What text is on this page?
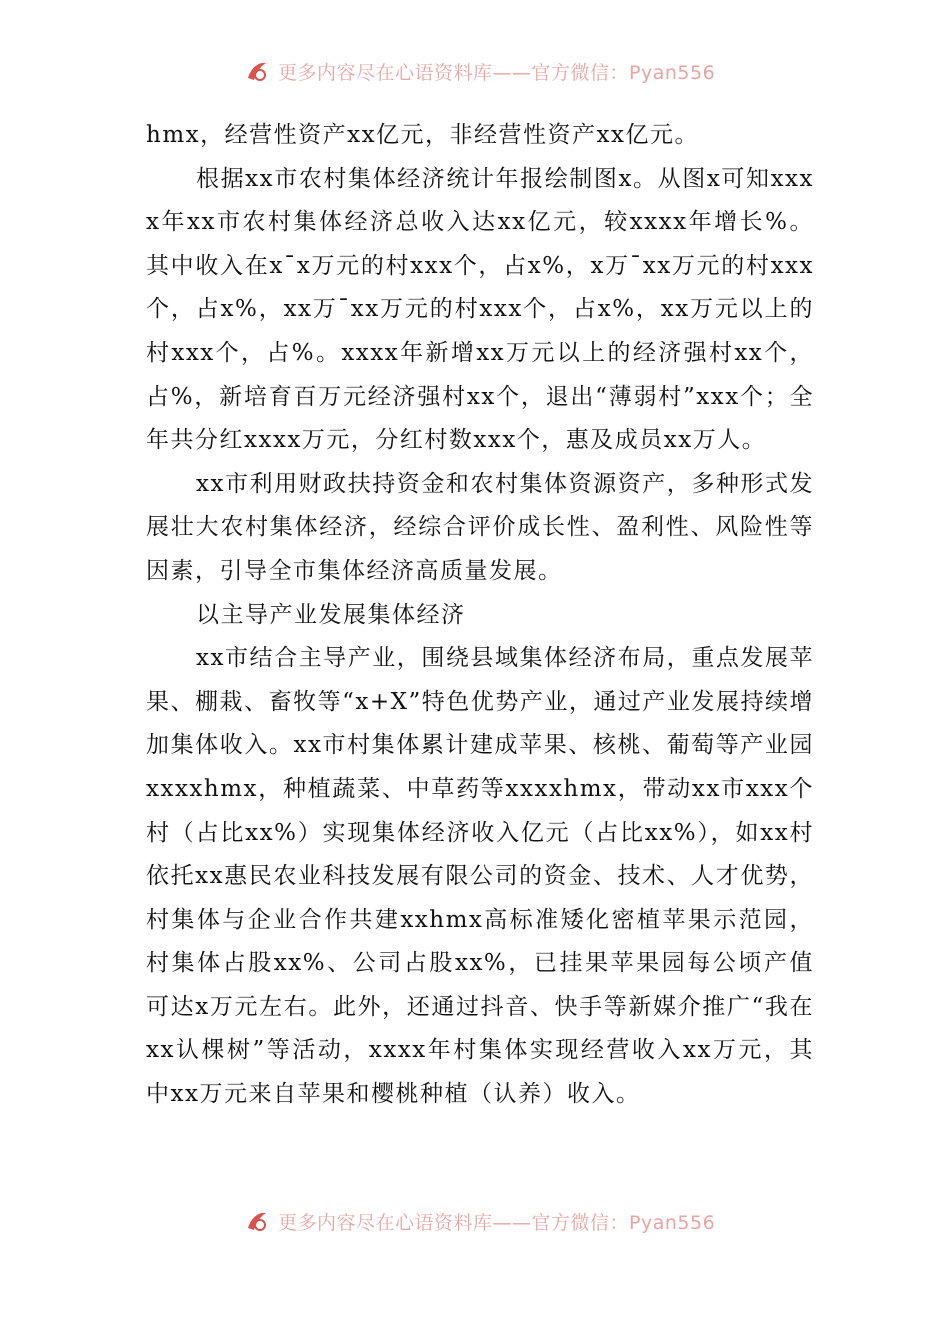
更多内容尽在心语资料库——官方微信：Pyan556

hmx，经营性资产xx亿元，非经营性资产xx亿元。

根据xx市农村集体经济统计年报绘制图x。从图x可知xxxx年xx市农村集体经济总收入达xx亿元，较xxxx年增长%。其中收入在x¯x万元的村xxx个，占x%，x万¯xx万元的村xxx个，占x%，xx万¯xx万元的村xxx个，占x%，xx万元以上的村xxx个，占%。xxxx年新增xx万元以上的经济强村xx个，占%，新培育百万元经济强村xx个，退出“薄弱村”xxx个；全年共分红xxxx万元，分红村数xxx个，惠及成员xx万人。

xx市利用财政扶持资金和农村集体资源资产，多种形式发展壮大农村集体经济，经综合评价成长性、盈利性、风险性等因素，引导全市集体经济高质量发展。

以主导产业发展集体经济

xx市结合主导产业，围绕县域集体经济布局，重点发展苹果、棚栽、畜牧等“x+X”特色优势产业，通过产业发展持续增加集体收入。xx市村集体累计建成苹果、核桃、葡萄等产业园xxxxhmx，种植蔬菜、中草药等xxxxhmx，带动xx市xxx个村（占比xx%）实现集体经济收入亿元（占比xx%），如xx村依托xx惠民农业科技发展有限公司的资金、技术、人才优势，村集体与企业合作共建xxhmx高标准矮化密植苹果示范园，村集体占股xx%、公司占股xx%，已挂果苹果园每公顷产值可达x万元左右。此外，还通过抖音、快手等新媒介推广“我在xx认棵树”等活动，xxxx年村集体实现经营收入xx万元，其中xx万元来自苹果和樱桃种植（认养）收入。

更多内容尽在心语资料库——官方微信：Pyan556
